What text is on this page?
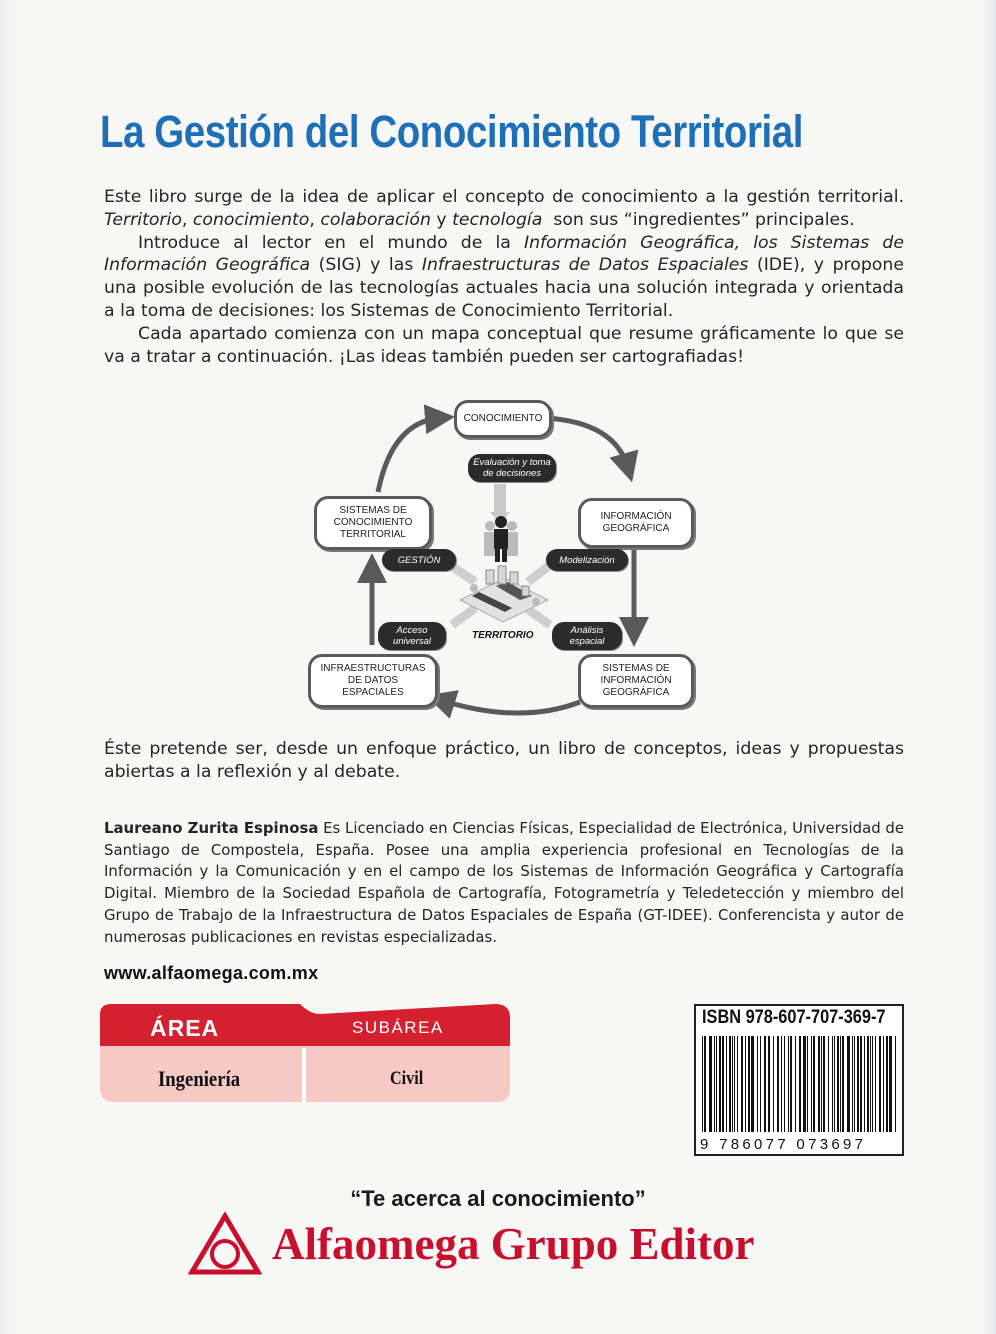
La Gestión del Conocimiento Territorial

Este libro surge de la idea de aplicar el concepto de conocimiento a la gestión territorial. Territorio, conocimiento, colaboración y tecnología son sus “ingredientes” principales.

Introduce al lector en el mundo de la Información Geográfica, los Sistemas de Información Geográfica (SIG) y las Infraestructuras de Datos Espaciales (IDE), y propone una posible evolución de las tecnologías actuales hacia una solución integrada y orientada a la toma de decisiones: los Sistemas de Conocimiento Territorial.

Cada apartado comienza con un mapa conceptual que resume gráficamente lo que se va a tratar a continuación. ¡Las ideas también pueden ser cartografiadas!

CONOCIMIENTO
INFORMACIÓN
GEOGRÁFICA
SISTEMAS DE
INFORMACIÓN
GEOGRÁFICA
INFRAESTRUCTURAS
DE DATOS
ESPACIALES
SISTEMAS DE
CONOCIMIENTO
TERRITORIAL
Evaluación y toma
de decisiones
GESTIÓN	Modelización
Acceso
universal
Análisis
espacial
TERRITORIO
Éste pretende ser, desde un enfoque práctico, un libro de conceptos, ideas y propuestas abiertas a la reflexión y al debate.
Laureano Zurita Espinosa Es Licenciado en Ciencias Físicas, Especialidad de Electrónica, Universidad de Santiago de Compostela, España. Posee una amplia experiencia profesional en Tecnologías de la Información y la Comunicación y en el campo de los Sistemas de Información Geográfica y Cartografía Digital. Miembro de la Sociedad Española de Cartografía, Fotogrametría y Teledetección y miembro del Grupo de Trabajo de la Infraestructura de Datos Espaciales de España (GT-IDEE). Conferencista y autor de numerosas publicaciones en revistas especializadas.
www.alfaomega.com.mx
ÁREA	SUBÁREA
Ingeniería	Civil
ISBN 978-607-707-369-7
9 786077 073697
“Te acerca al conocimiento”
Alfaomega Grupo Editor
